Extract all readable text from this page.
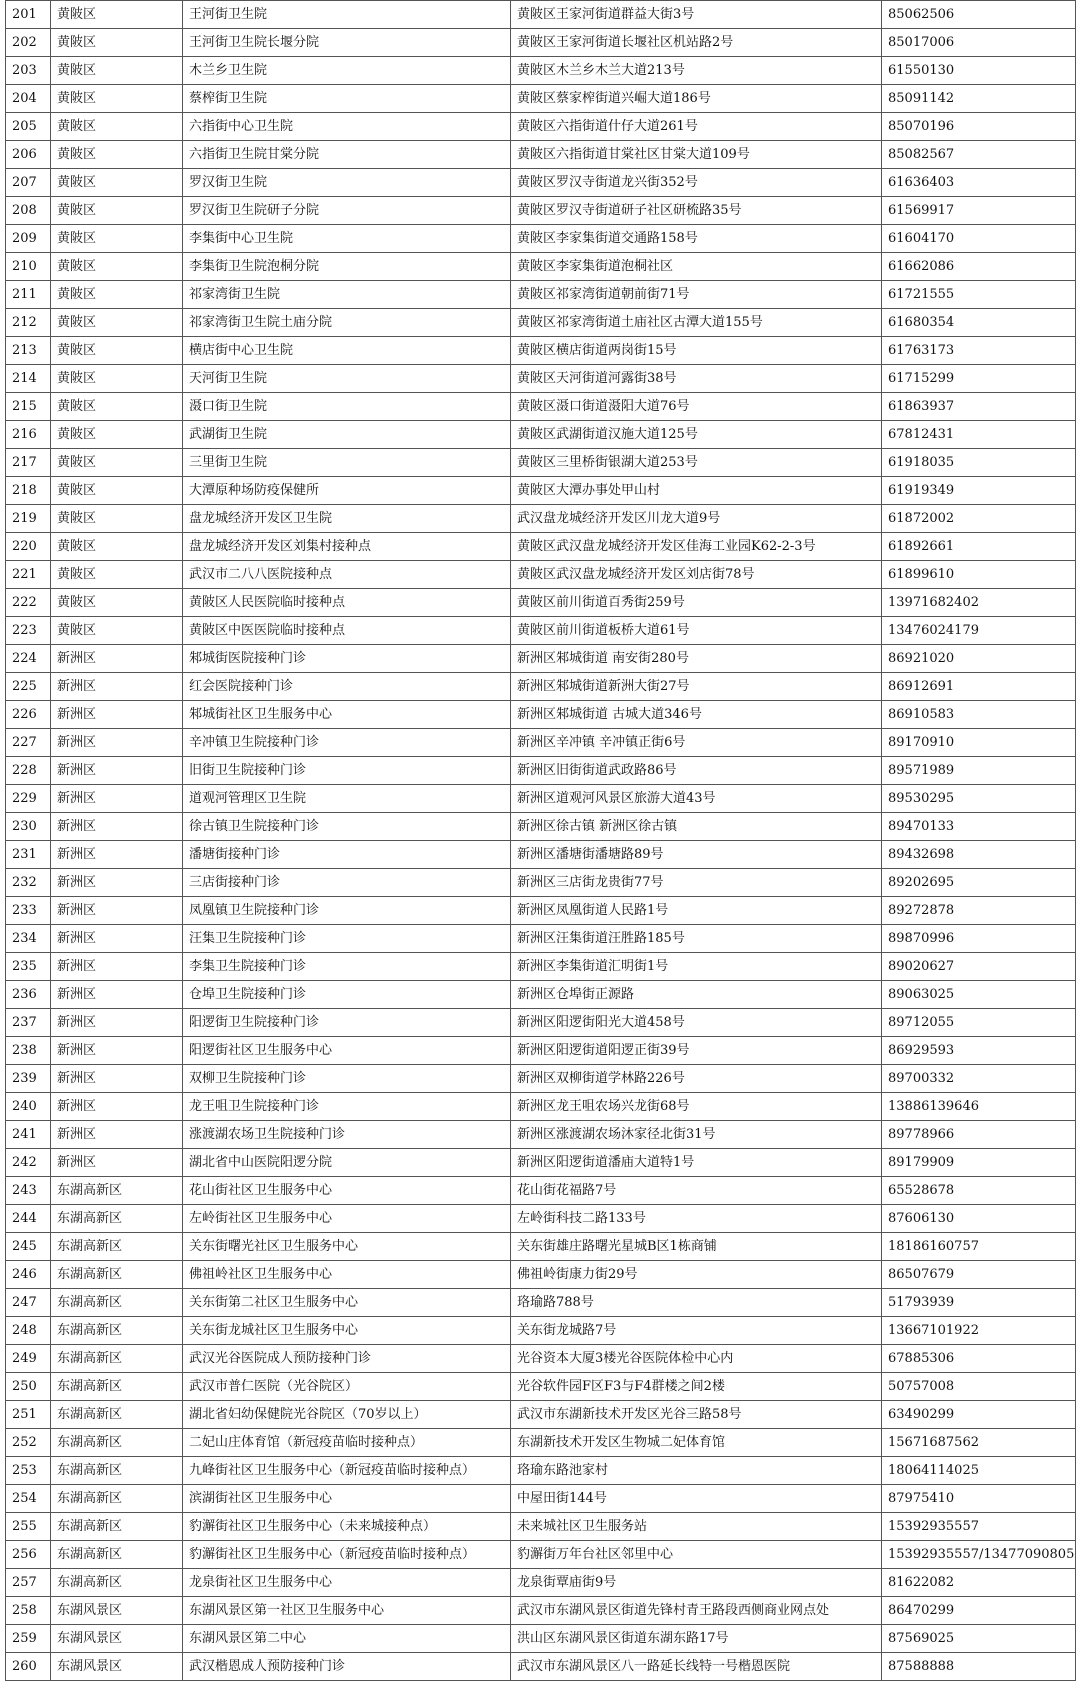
201	黄陂区	王河街卫生院	黄陂区王家河街道群益大街3号	85062506
202	黄陂区	王河街卫生院长堰分院	黄陂区王家河街道长堰社区机站路2号	85017006
203	黄陂区	木兰乡卫生院	黄陂区木兰乡木兰大道213号	61550130
204	黄陂区	蔡榨街卫生院	黄陂区蔡家榨街道兴崛大道186号	85091142
205	黄陂区	六指街中心卫生院	黄陂区六指街道什仔大道261号	85070196
206	黄陂区	六指街卫生院甘棠分院	黄陂区六指街道甘棠社区甘棠大道109号	85082567
207	黄陂区	罗汉街卫生院	黄陂区罗汉寺街道龙兴街352号	61636403
208	黄陂区	罗汉街卫生院研子分院	黄陂区罗汉寺街道研子社区研梳路35号	61569917
209	黄陂区	李集街中心卫生院	黄陂区李家集街道交通路158号	61604170
210	黄陂区	李集街卫生院泡桐分院	黄陂区李家集街道泡桐社区	61662086
211	黄陂区	祁家湾街卫生院	黄陂区祁家湾街道朝前街71号	61721555
212	黄陂区	祁家湾街卫生院土庙分院	黄陂区祁家湾街道土庙社区古潭大道155号	61680354
213	黄陂区	横店街中心卫生院	黄陂区横店街道两岗街15号	61763173
214	黄陂区	天河街卫生院	黄陂区天河街道河露街38号	61715299
215	黄陂区	滠口街卫生院	黄陂区滠口街道滠阳大道76号	61863937
216	黄陂区	武湖街卫生院	黄陂区武湖街道汉施大道125号	67812431
217	黄陂区	三里街卫生院	黄陂区三里桥街银湖大道253号	61918035
218	黄陂区	大潭原种场防疫保健所	黄陂区大潭办事处甲山村	61919349
219	黄陂区	盘龙城经济开发区卫生院	武汉盘龙城经济开发区川龙大道9号	61872002
220	黄陂区	盘龙城经济开发区刘集村接种点	黄陂区武汉盘龙城经济开发区佳海工业园K62-2-3号	61892661
221	黄陂区	武汉市二八八医院接种点	黄陂区武汉盘龙城经济开发区刘店街78号	61899610
222	黄陂区	黄陂区人民医院临时接种点	黄陂区前川街道百秀街259号	13971682402
223	黄陂区	黄陂区中医医院临时接种点	黄陂区前川街道板桥大道61号	13476024179
224	新洲区	邾城街医院接种门诊	新洲区邾城街道 南安街280号	86921020
225	新洲区	红会医院接种门诊	新洲区邾城街道新洲大街27号	86912691
226	新洲区	邾城街社区卫生服务中心	新洲区邾城街道 古城大道346号	86910583
227	新洲区	辛冲镇卫生院接种门诊	新洲区辛冲镇 辛冲镇正街6号	89170910
228	新洲区	旧街卫生院接种门诊	新洲区旧街街道武政路86号	89571989
229	新洲区	道观河管理区卫生院	新洲区道观河风景区旅游大道43号	89530295
230	新洲区	徐古镇卫生院接种门诊	新洲区徐古镇 新洲区徐古镇	89470133
231	新洲区	潘塘街接种门诊	新洲区潘塘街潘塘路89号	89432698
232	新洲区	三店街接种门诊	新洲区三店街龙贵街77号	89202695
233	新洲区	凤凰镇卫生院接种门诊	新洲区凤凰街道人民路1号	89272878
234	新洲区	汪集卫生院接种门诊	新洲区汪集街道汪胜路185号	89870996
235	新洲区	李集卫生院接种门诊	新洲区李集街道汇明街1号	89020627
236	新洲区	仓埠卫生院接种门诊	新洲区仓埠街正源路	89063025
237	新洲区	阳逻街卫生院接种门诊	新洲区阳逻街阳光大道458号	89712055
238	新洲区	阳逻街社区卫生服务中心	新洲区阳逻街道阳逻正街39号	86929593
239	新洲区	双柳卫生院接种门诊	新洲区双柳街道学林路226号	89700332
240	新洲区	龙王咀卫生院接种门诊	新洲区龙王咀农场兴龙街68号	13886139646
241	新洲区	涨渡湖农场卫生院接种门诊	新洲区涨渡湖农场沐家径北街31号	89778966
242	新洲区	湖北省中山医院阳逻分院	新洲区阳逻街道潘庙大道特1号	89179909
243	东湖高新区	花山街社区卫生服务中心	花山街花福路7号	65528678
244	东湖高新区	左岭街社区卫生服务中心	左岭街科技二路133号	87606130
245	东湖高新区	关东街曙光社区卫生服务中心	关东街雄庄路曙光星城B区1栋商铺	18186160757
246	东湖高新区	佛祖岭社区卫生服务中心	佛祖岭街康力街29号	86507679
247	东湖高新区	关东街第二社区卫生服务中心	珞瑜路788号	51793939
248	东湖高新区	关东街龙城社区卫生服务中心	关东街龙城路7号	13667101922
249	东湖高新区	武汉光谷医院成人预防接种门诊	光谷资本大厦3楼光谷医院体检中心内	67885306
250	东湖高新区	武汉市普仁医院（光谷院区）	光谷软件园F区F3与F4群楼之间2楼	50757008
251	东湖高新区	湖北省妇幼保健院光谷院区（70岁以上）	武汉市东湖新技术开发区光谷三路58号	63490299
252	东湖高新区	二妃山庄体育馆（新冠疫苗临时接种点）	东湖新技术开发区生物城二妃体育馆	15671687562
253	东湖高新区	九峰街社区卫生服务中心（新冠疫苗临时接种点）	珞瑜东路池家村	18064114025
254	东湖高新区	滨湖街社区卫生服务中心	中屋田街144号	87975410
255	东湖高新区	豹澥街社区卫生服务中心（未来城接种点）	未来城社区卫生服务站	15392935557
256	东湖高新区	豹澥街社区卫生服务中心（新冠疫苗临时接种点）	豹澥街万年台社区邻里中心	15392935557/13477090805
257	东湖高新区	龙泉街社区卫生服务中心	龙泉街覃庙街9号	81622082
258	东湖风景区	东湖风景区第一社区卫生服务中心	武汉市东湖风景区街道先锋村青王路段西侧商业网点处	86470299
259	东湖风景区	东湖风景区第二中心	洪山区东湖风景区街道东湖东路17号	87569025
260	东湖风景区	武汉楷恩成人预防接种门诊	武汉市东湖风景区八一路延长线特一号楷恩医院	87588888
